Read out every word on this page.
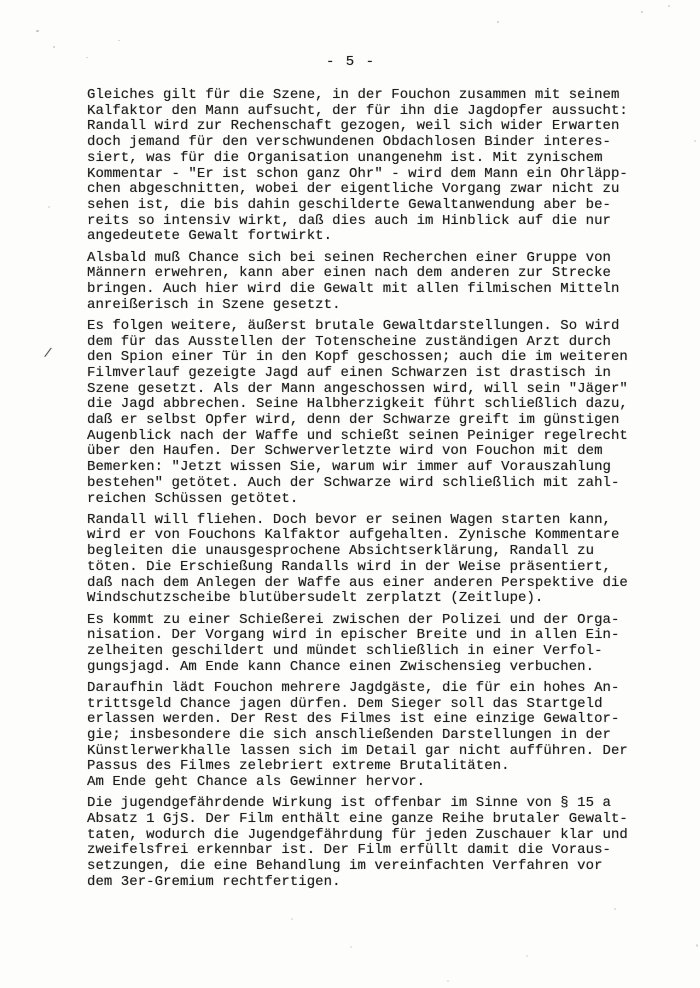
- 5 -
/
Gleiches gilt für die Szene, in der Fouchon zusammen mit seinem
Kalfaktor den Mann aufsucht, der für ihn die Jagdopfer aussucht:
Randall wird zur Rechenschaft gezogen, weil sich wider Erwarten
doch jemand für den verschwundenen Obdachlosen Binder interes-
siert, was für die Organisation unangenehm ist. Mit zynischem
Kommentar - "Er ist schon ganz Ohr" - wird dem Mann ein Ohrläpp-
chen abgeschnitten, wobei der eigentliche Vorgang zwar nicht zu
sehen ist, die bis dahin geschilderte Gewaltanwendung aber be-
reits so intensiv wirkt, daß dies auch im Hinblick auf die nur
angedeutete Gewalt fortwirkt.
Alsbald muß Chance sich bei seinen Recherchen einer Gruppe von
Männern erwehren, kann aber einen nach dem anderen zur Strecke
bringen. Auch hier wird die Gewalt mit allen filmischen Mitteln
anreißerisch in Szene gesetzt.
Es folgen weitere, äußerst brutale Gewaltdarstellungen. So wird
dem für das Ausstellen der Totenscheine zuständigen Arzt durch
den Spion einer Tür in den Kopf geschossen; auch die im weiteren
Filmverlauf gezeigte Jagd auf einen Schwarzen ist drastisch in
Szene gesetzt. Als der Mann angeschossen wird, will sein "Jäger"
die Jagd abbrechen. Seine Halbherzigkeit führt schließlich dazu,
daß er selbst Opfer wird, denn der Schwarze greift im günstigen
Augenblick nach der Waffe und schießt seinen Peiniger regelrecht
über den Haufen. Der Schwerverletzte wird von Fouchon mit dem
Bemerken: "Jetzt wissen Sie, warum wir immer auf Vorauszahlung
bestehen" getötet. Auch der Schwarze wird schließlich mit zahl-
reichen Schüssen getötet.
Randall will fliehen. Doch bevor er seinen Wagen starten kann,
wird er von Fouchons Kalfaktor aufgehalten. Zynische Kommentare
begleiten die unausgesprochene Absichtserklärung, Randall zu
töten. Die Erschießung Randalls wird in der Weise präsentiert,
daß nach dem Anlegen der Waffe aus einer anderen Perspektive die
Windschutzscheibe blutübersudelt zerplatzt (Zeitlupe).
Es kommt zu einer Schießerei zwischen der Polizei und der Orga-
nisation. Der Vorgang wird in epischer Breite und in allen Ein-
zelheiten geschildert und mündet schließlich in einer Verfol-
gungsjagd. Am Ende kann Chance einen Zwischensieg verbuchen.
Daraufhin lädt Fouchon mehrere Jagdgäste, die für ein hohes An-
trittsgeld Chance jagen dürfen. Dem Sieger soll das Startgeld
erlassen werden. Der Rest des Filmes ist eine einzige Gewaltor-
gie; insbesondere die sich anschließenden Darstellungen in der
Künstlerwerkhalle lassen sich im Detail gar nicht aufführen. Der
Passus des Filmes zelebriert extreme Brutalitäten.
Am Ende geht Chance als Gewinner hervor.
Die jugendgefährdende Wirkung ist offenbar im Sinne von § 15 a
Absatz 1 GjS. Der Film enthält eine ganze Reihe brutaler Gewalt-
taten, wodurch die Jugendgefährdung für jeden Zuschauer klar und
zweifelsfrei erkennbar ist. Der Film erfüllt damit die Voraus-
setzungen, die eine Behandlung im vereinfachten Verfahren vor
dem 3er-Gremium rechtfertigen.
